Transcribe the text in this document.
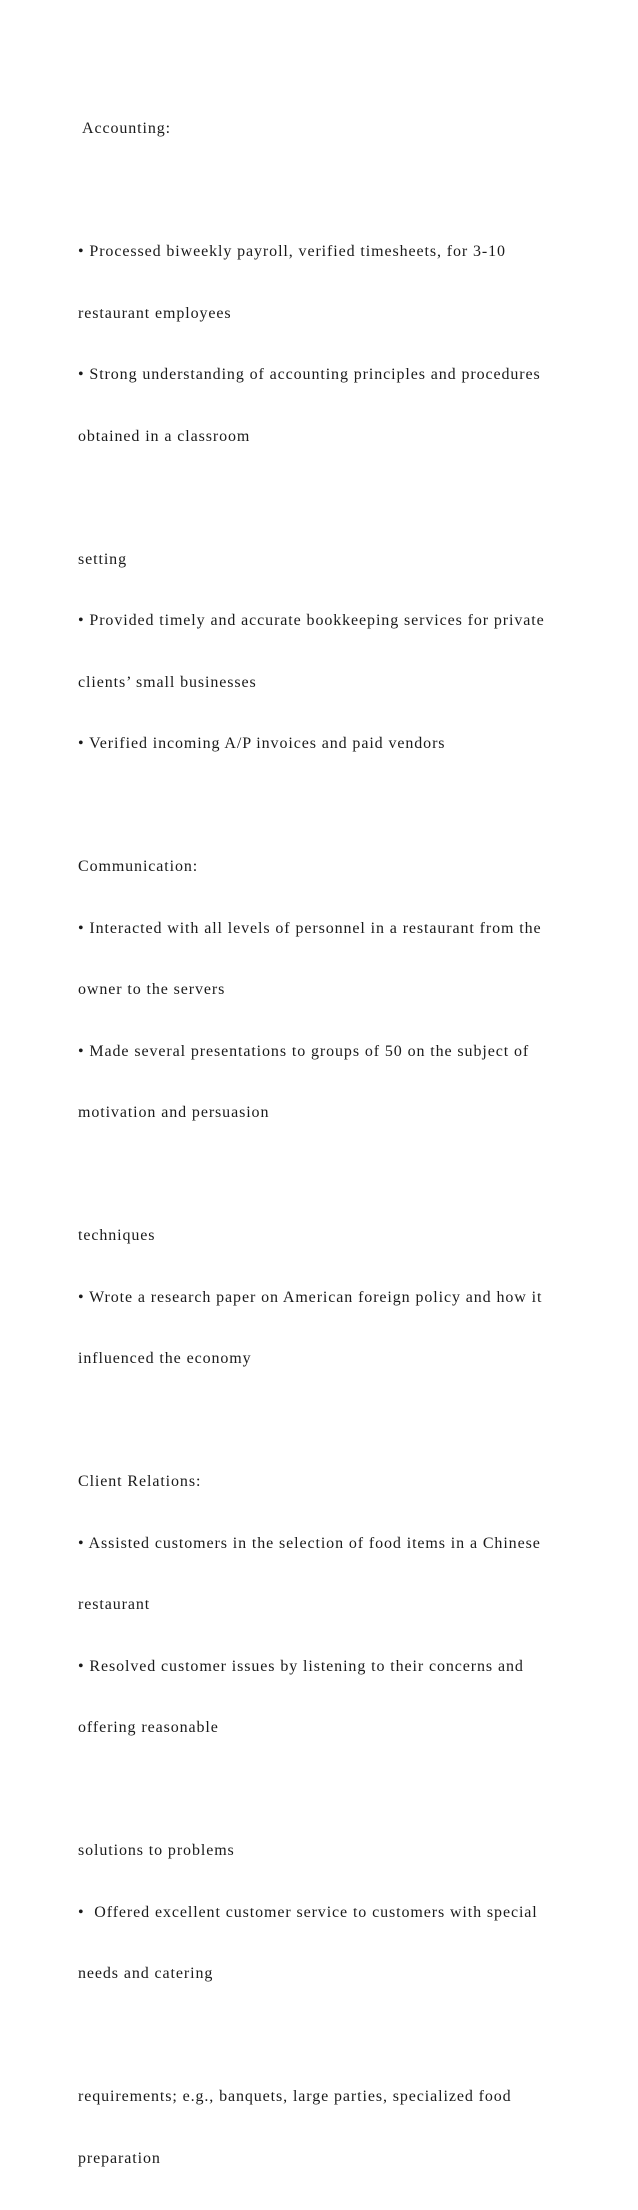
Accounting:

• Processed biweekly payroll, verified timesheets, for 3-10

restaurant employees

• Strong understanding of accounting principles and procedures

obtained in a classroom

setting

• Provided timely and accurate bookkeeping services for private

clients’ small businesses

• Verified incoming A/P invoices and paid vendors

Communication:

• Interacted with all levels of personnel in a restaurant from the

owner to the servers

• Made several presentations to groups of 50 on the subject of

motivation and persuasion

techniques

• Wrote a research paper on American foreign policy and how it

influenced the economy

Client Relations:

• Assisted customers in the selection of food items in a Chinese

restaurant

• Resolved customer issues by listening to their concerns and

offering reasonable

solutions to problems

•  Offered excellent customer service to customers with special

needs and catering

requirements; e.g., banquets, large parties, specialized food

preparation
